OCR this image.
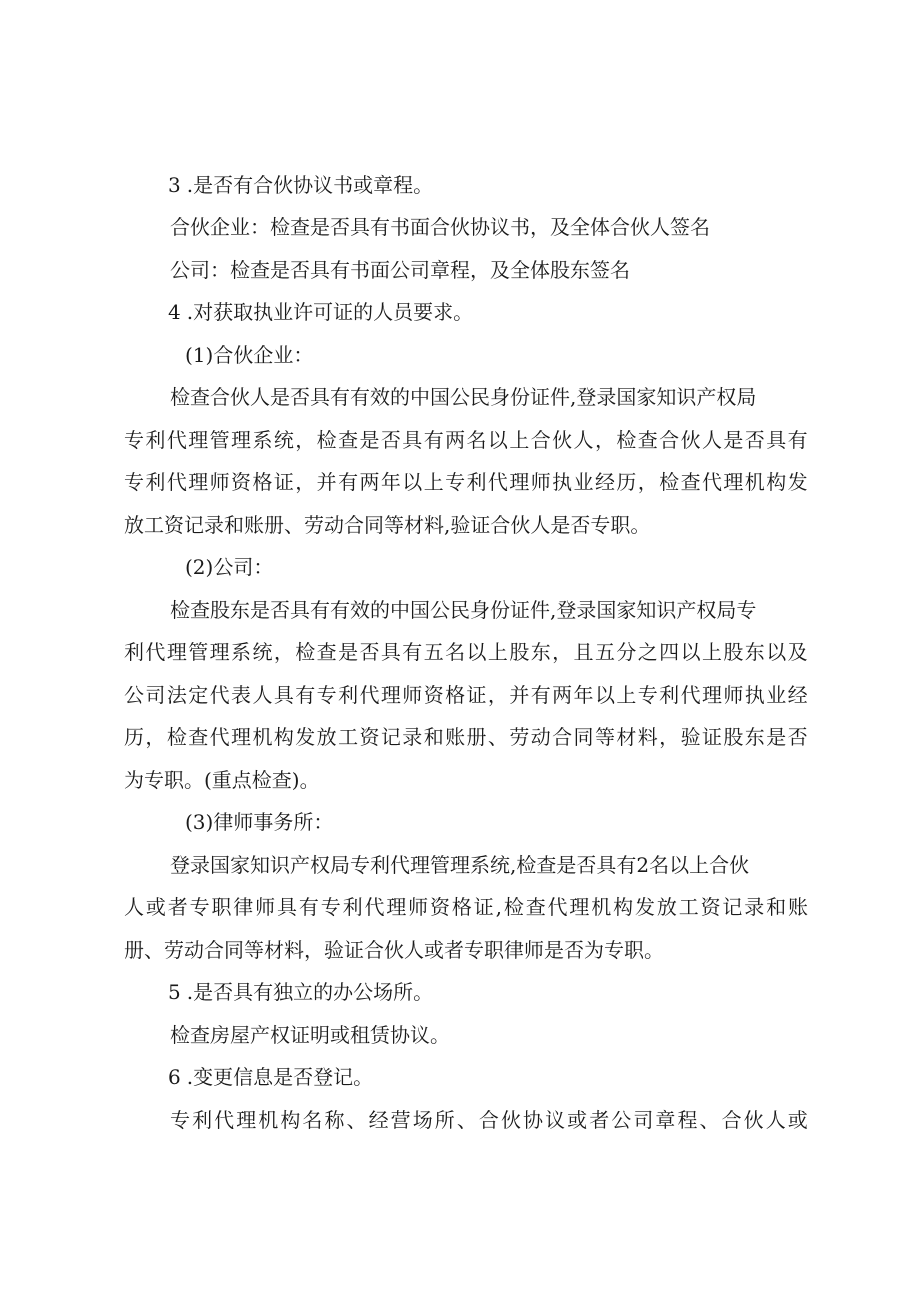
3 .是否有合伙协议书或章程。
合伙企业：检查是否具有书面合伙协议书，及全体合伙人签名
公司：检查是否具有书面公司章程，及全体股东签名
4 .对获取执业许可证的人员要求。
(1)合伙企业：
检查合伙人是否具有有效的中国公民身份证件,登录国家知识产权局
专 利 代 理 管 理 系 统 ， 检 查 是 否 具 有 两 名 以 上 合 伙 人 ， 检 查 合 伙 人 是 否 具 有
专 利 代 理 师 资 格 证 ， 并 有 两 年 以 上 专 利 代 理 师 执 业 经 历 ， 检 查 代 理 机 构 发
放工资记录和账册、劳动合同等材料,验证合伙人是否专职。
(2)公司：
检查股东是否具有有效的中国公民身份证件,登录国家知识产权局专
利 代 理 管 理 系 统 ， 检 查 是 否 具 有 五 名 以 上 股 东 ， 且 五 分 之 四 以 上 股 东 以 及
公 司 法 定 代 表 人 具 有 专 利 代 理 师 资 格 证 ， 并 有 两 年 以 上 专 利 代 理 师 执 业 经
历 ， 检 查 代 理 机 构 发 放 工 资 记 录 和 账 册 、 劳 动 合 同 等 材 料 ， 验 证 股 东 是 否
为专职。(重点检查)。
(3)律师事务所：
登录国家知识产权局专利代理管理系统,检查是否具有2名以上合伙
人 或 者 专 职 律 师 具 有 专 利 代 理 师 资 格 证 , 检 查 代 理 机 构 发 放 工 资 记 录 和 账
册、劳动合同等材料，验证合伙人或者专职律师是否为专职。
5 .是否具有独立的办公场所。
检查房屋产权证明或租赁协议。
6 .变更信息是否登记。
专 利 代 理 机 构 名 称 、 经 营 场 所 、 合 伙 协 议 或 者 公 司 章 程 、 合 伙 人 或
